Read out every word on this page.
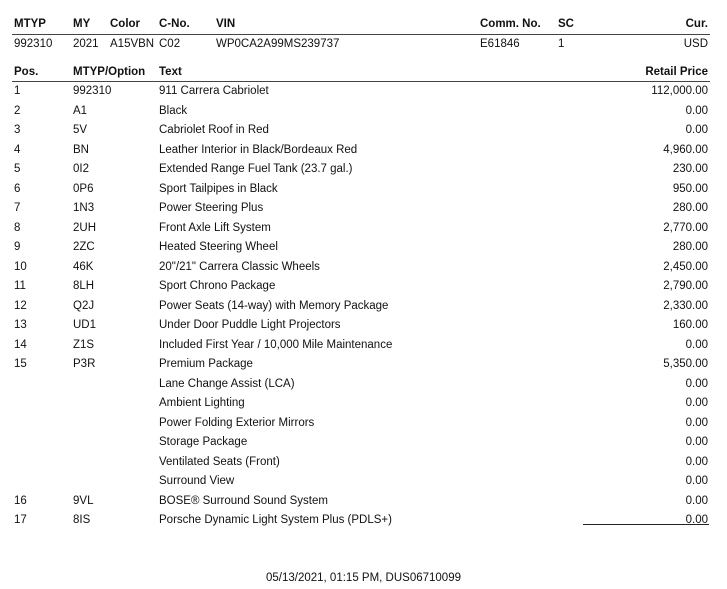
MTYP MY Color C-No. VIN	Comm. No. SC	Cur.
992310 2021 A15VBN C02	WP0CA2A99MS239737	E61846	1	USD
Pos.	MTYP/Option Text	Retail Price
1	992310	911 Carrera Cabriolet	112,000.00
2	A1	Black	0.00
3	5V	Cabriolet Roof in Red	0.00
4	BN	Leather Interior in Black/Bordeaux Red	4,960.00
5	0I2	Extended Range Fuel Tank (23.7 gal.)	230.00
6	0P6	Sport Tailpipes in Black	950.00
7	1N3	Power Steering Plus	280.00
8	2UH	Front Axle Lift System	2,770.00
9	2ZC	Heated Steering Wheel	280.00
10	46K	20"/21" Carrera Classic Wheels	2,450.00
11	8LH	Sport Chrono Package	2,790.00
12	Q2J	Power Seats (14-way) with Memory Package	2,330.00
13	UD1	Under Door Puddle Light Projectors	160.00
14	Z1S	Included First Year / 10,000 Mile Maintenance	0.00
15	P3R	Premium Package	5,350.00
Lane Change Assist (LCA)	0.00
Ambient Lighting	0.00
Power Folding Exterior Mirrors	0.00
Storage Package	0.00
Ventilated Seats (Front)	0.00
Surround View	0.00
16	9VL	BOSE® Surround Sound System	0.00
17	8IS	Porsche Dynamic Light System Plus (PDLS+)	0.00
05/13/2021, 01:15 PM, DUS06710099
